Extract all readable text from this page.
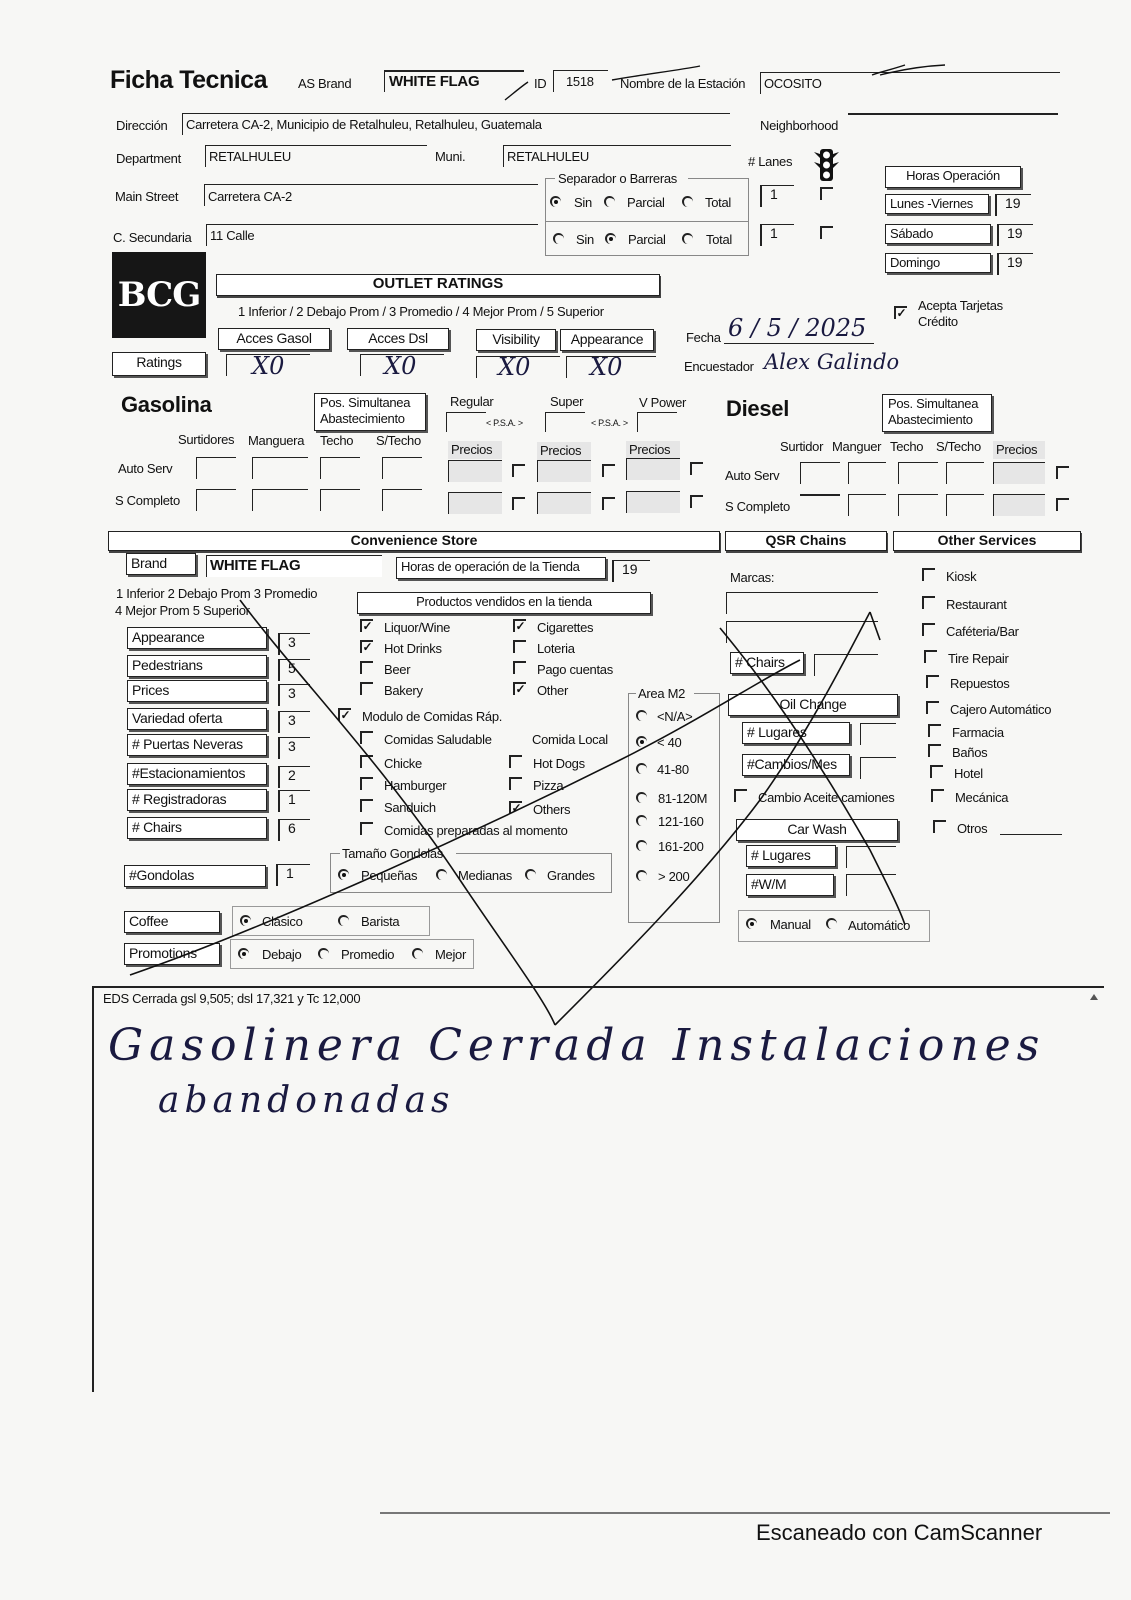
Ficha Tecnica AS Brand	WHITE FLAG	ID 1518 Nombre de la Estación OCOSITO
Dirección Carretera CA-2, Municipio de Retalhuleu, Retalhuleu, Guatemala	Neighborhood
Department RETALHULEU	Muni.	RETALHULEU	# Lanes
Main Street Carretera CA-2
C. Secundaria 11 Calle
Separador o Barreras
Sin	Parcial	Total
Sin	Parcial	Total
1
1
Horas Operación
Lunes -Viernes	19
Sábado	19
Domingo	19
BCG	OUTLET RATINGS
1 Inferior / 2 Debajo Prom / 3 Promedio / 4 Mejor Prom / 5 Superior
Acces Gasol	Acces Dsl	Visibility	Appearance
Ratings	X0	X0	X0 X0
✓ Acepta Tarjetas
Crédito
Fecha 6 / 5 / 2025
Encuestador Alex Galindo
Gasolina	Pos. Simultanea
Abastecimiento
Surtidores Manguera Techo S/Techo
Regular	Super	V Power
< P.S.A. >	< P.S.A. >
Precios	Precios	Precios
Auto Serv
S Completo
Diesel	Pos. Simultanea
Abastecimiento
Surtidor Manguer Techo S/Techo Precios
Auto Serv
S Completo
Convenience Store	QSR Chains	Other Services
Brand	WHITE FLAG	Horas de operación de la Tienda	19
1 Inferior 2 Debajo Prom 3 Promedio
4 Mejor Prom 5 Superior
Appearance	3
Pedestrians	5
Prices	3
Variedad oferta	3
# Puertas Neveras	3
#Estacionamientos	2
# Registradoras	1
# Chairs	6
#Gondolas	1
Productos vendidos en la tienda
✓ Liquor/Wine
✓ Hot Drinks
Beer
Bakery
✓ Cigarettes
Loteria
Pago cuentas
✓ Other
✓ Modulo de Comidas Ráp.
Comidas Saludable	Comida Local
Chicke
Hamburger
Sanduich
Hot Dogs
Pizza
✓ Others
Comidas preparadas al momento
Tamaño Gondolas
Pequeñas	Medianas	Grandes
Coffee	Clásico	Barista
Promotions	Debajo	Promedio	Mejor
Area M2
<N/A>
< 40
41-80
81-120M
121-160
161-200
> 200
Marcas:
# Chairs
Oil Change
# Lugares
#Cambios/Mes
Cambio Aceite camiones
Car Wash
# Lugares
#W/M
Manual	Automático
Kiosk
Restaurant
Caféteria/Bar
Tire Repair
Repuestos
Cajero Automático
Farmacia
Baños
Hotel
Mecánica
Otros
EDS Cerrada gsl 9,505; dsl 17,321 y Tc 12,000
Gasolinera Cerrada Instalaciones
abandonadas
Escaneado con CamScanner
